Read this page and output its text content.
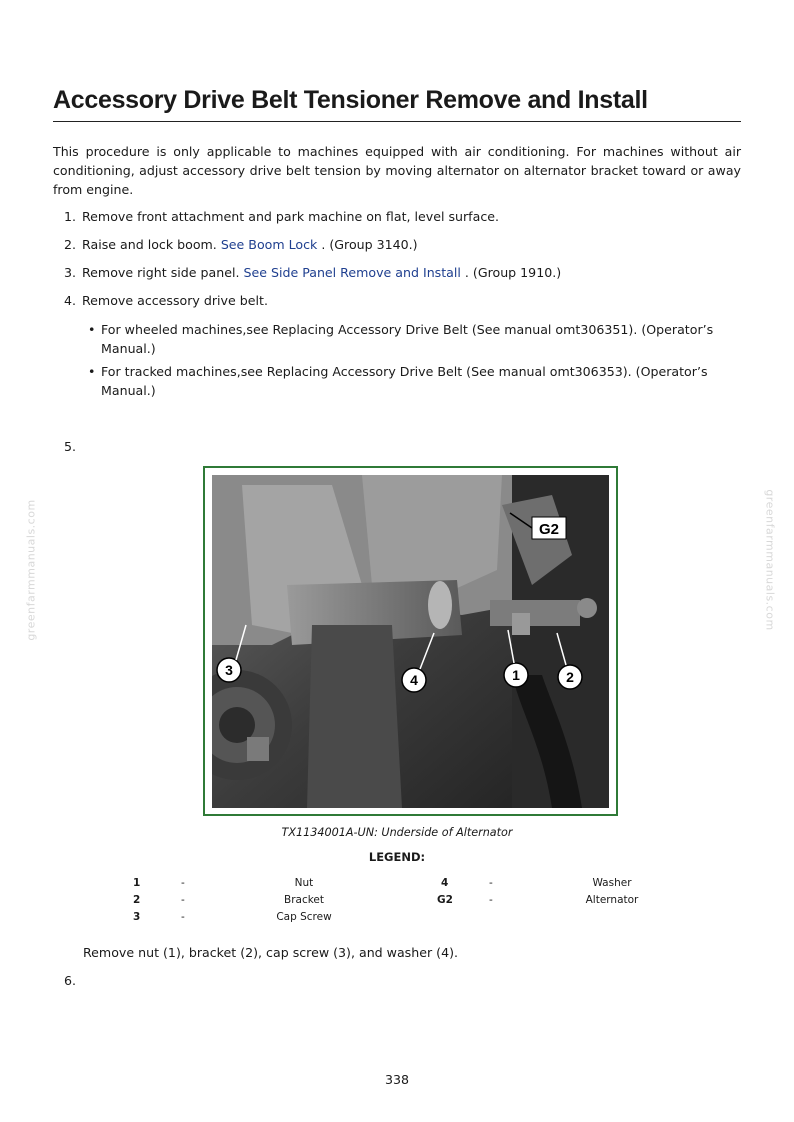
Accessory Drive Belt Tensioner Remove and Install

This procedure is only applicable to machines equipped with air conditioning. For machines without air conditioning, adjust accessory drive belt tension by moving alternator on alternator bracket toward or away from engine.

1. Remove front attachment and park machine on flat, level surface.
2. Raise and lock boom. See Boom Lock . (Group 3140.)
3. Remove right side panel. See Side Panel Remove and Install . (Group 1910.)
4. Remove accessory drive belt.
• For wheeled machines,see Replacing Accessory Drive Belt (See manual omt306351). (Operator’s Manual.)
• For tracked machines,see Replacing Accessory Drive Belt (See manual omt306353). (Operator’s Manual.)
5.
G2
3
4	1	2
TX1134001A-UN: Underside of Alternator
LEGEND:
1	-	Nut
2	-	Bracket
3	-	Cap Screw
4	-	Washer
G2	-	Alternator
Remove nut (1), bracket (2), cap screw (3), and washer (4).
6.
338
greenfarmmanuals.com	greenfarmmanuals.com
